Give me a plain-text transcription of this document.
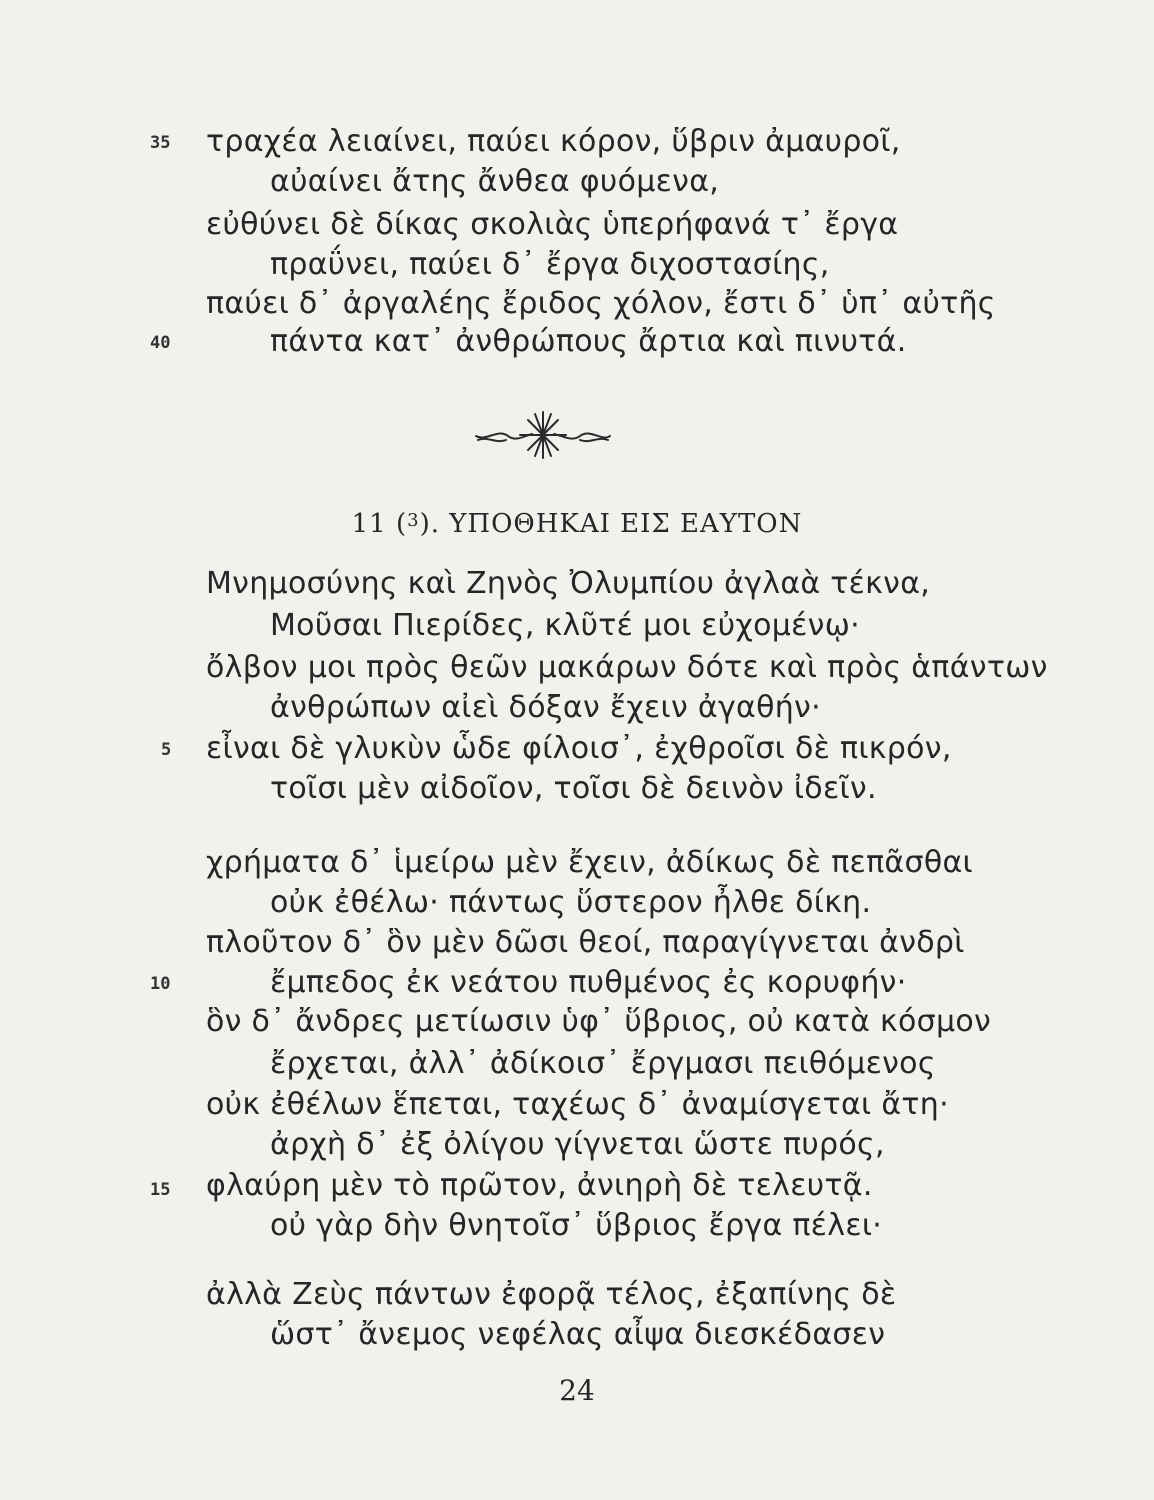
35
40
5
10
15
τραχέα λειαίνει, παύει κόρον, ὕβριν ἀμαυροῖ,
αὐαίνει ἄτης ἄνθεα φυόμενα,
εὐθύνει δὲ δίκας σκολιὰς ὑπερήφανά τ᾽ ἔργα
πραΰνει, παύει δ᾽ ἔργα διχοστασίης,
παύει δ᾽ ἀργαλέης ἔριδος χόλον, ἔστι δ᾽ ὑπ᾽ αὐτῆς
πάντα κατ᾽ ἀνθρώπους ἄρτια καὶ πινυτά.
11 ($^3$). ΥΠΟΘΗΚΑΙ ΕΙΣ ΕΑΥΤΟΝ
Μνημοσύνης καὶ Ζηνὸς Ὀλυμπίου ἀγλαὰ τέκνα,
Μοῦσαι Πιερίδες, κλῦτέ μοι εὐχομένῳ·
ὄλβον μοι πρὸς θεῶν μακάρων δότε καὶ πρὸς ἁπάντων
ἀνθρώπων αἰεὶ δόξαν ἔχειν ἀγαθήν·
εἶναι δὲ γλυκὺν ὧδε φίλοισ᾽, ἐχθροῖσι δὲ πικρόν,
τοῖσι μὲν αἰδοῖον, τοῖσι δὲ δεινὸν ἰδεῖν.
χρήματα δ᾽ ἱμείρω μὲν ἔχειν, ἀδίκως δὲ πεπᾶσθαι
οὐκ ἐθέλω· πάντως ὕστερον ἦλθε δίκη.
πλοῦτον δ᾽ ὃν μὲν δῶσι θεοί, παραγίγνεται ἀνδρὶ
ἔμπεδος ἐκ νεάτου πυθμένος ἐς κορυφήν·
ὃν δ᾽ ἄνδρες μετίωσιν ὑφ᾽ ὕβριος, οὐ κατὰ κόσμον
ἔρχεται, ἀλλ᾽ ἀδίκοισ᾽ ἔργμασι πειθόμενος
οὐκ ἐθέλων ἕπεται, ταχέως δ᾽ ἀναμίσγεται ἄτη·
ἀρχὴ δ᾽ ἐξ ὀλίγου γίγνεται ὥστε πυρός,
φλαύρη μὲν τὸ πρῶτον, ἀνιηρὴ δὲ τελευτᾷ.
οὐ γὰρ δὴν θνητοῖσ᾽ ὕβριος ἔργα πέλει·
ἀλλὰ Ζεὺς πάντων ἐφορᾷ τέλος, ἐξαπίνης δὲ
ὥστ᾽ ἄνεμος νεφέλας αἶψα διεσκέδασεν
24
